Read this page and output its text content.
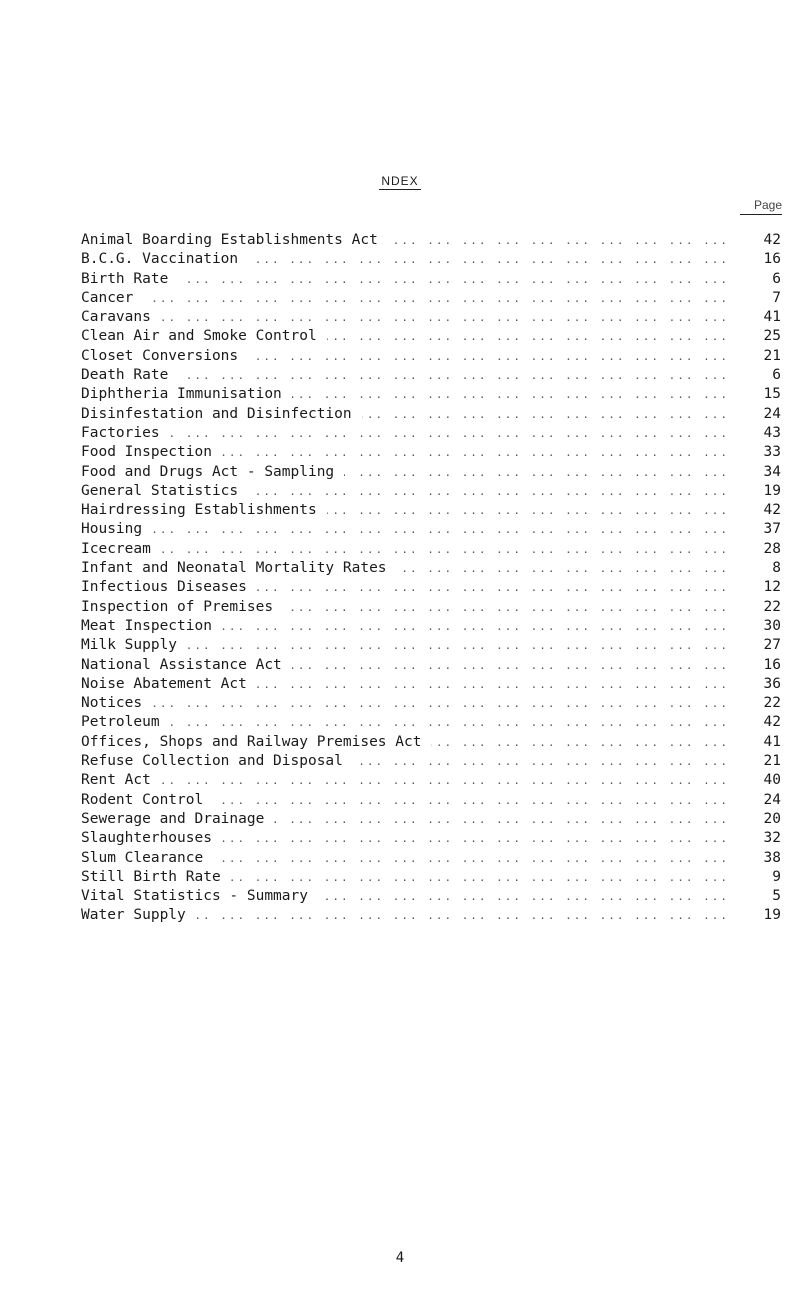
NDEX
Page
Animal Boarding Establishments Act ... .	42
B.C.G. Vaccination ... .	16
Birth Rate ... .	6
Cancer ... .	7
Caravans ... .	41
Clean Air and Smoke Control ... .	25
Closet Conversions ... .	21
Death Rate ... .	6
Diphtheria Immunisation ... .	15
Disinfestation and Disinfection ... .	24
Factories ... .	43
Food Inspection ... .	33
Food and Drugs Act - Sampling ... .	34
General Statistics ... .	19
Hairdressing Establishments ... .	42
Housing ... .	37
Icecream ... .	28
Infant and Neonatal Mortality Rates ... .	8
Infectious Diseases ... .	12
Inspection of Premises ... .	22
Meat Inspection ... .	30
Milk Supply ... .	27
National Assistance Act ... .	16
Noise Abatement Act ... .	36
Notices ... .	22
Petroleum ... .	42
Offices, Shops and Railway Premises Act ... .	41
Refuse Collection and Disposal ... .	21
Rent Act ... .	40
Rodent Control ... .	24
Sewerage and Drainage ... .	20
Slaughterhouses ... .	32
Slum Clearance ... .	38
Still Birth Rate ... .	9
Vital Statistics - Summary ... .	5
Water Supply ... .	19
4
